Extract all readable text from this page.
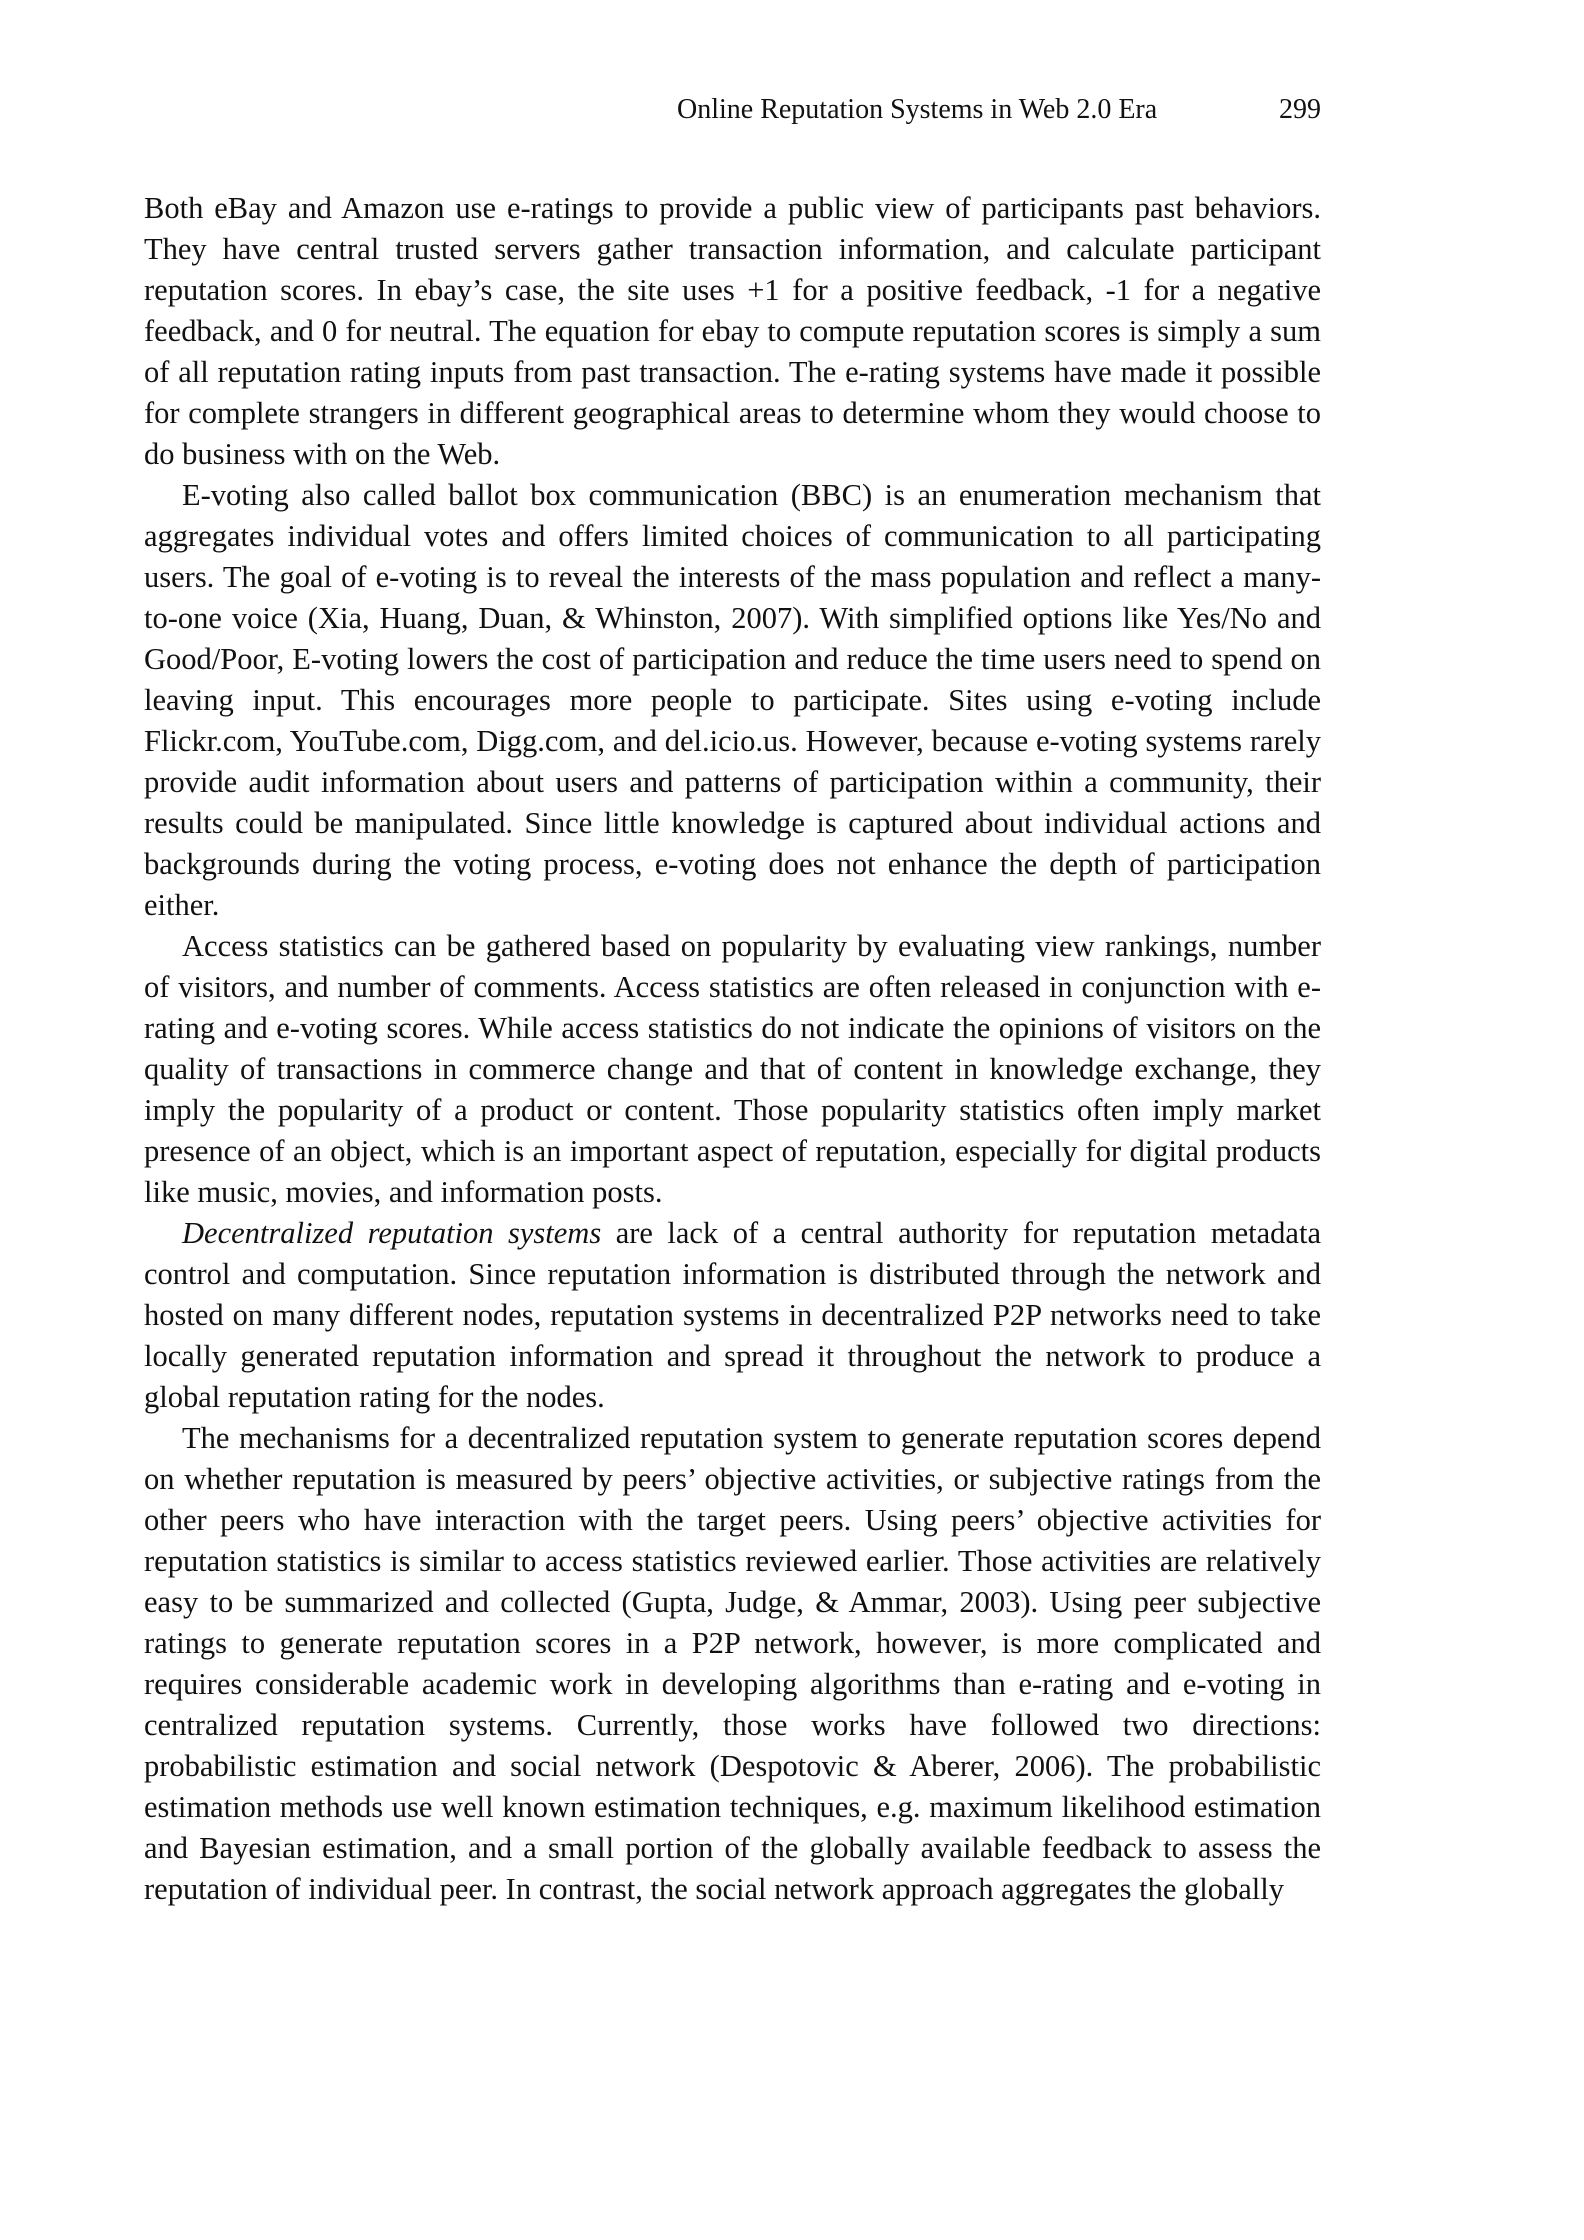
Online Reputation Systems in Web 2.0 Era	299

Both eBay and Amazon use e-ratings to provide a public view of participants past behaviors. They have central trusted servers gather transaction information, and calculate participant reputation scores. In ebay’s case, the site uses +1 for a positive feedback, -1 for a negative feedback, and 0 for neutral. The equation for ebay to compute reputation scores is simply a sum of all reputation rating inputs from past transaction. The e-rating systems have made it possible for complete strangers in different geographical areas to determine whom they would choose to do business with on the Web.

E-voting also called ballot box communication (BBC) is an enumeration mechanism that aggregates individual votes and offers limited choices of communication to all participating users. The goal of e-voting is to reveal the interests of the mass population and reflect a many-to-one voice (Xia, Huang, Duan, & Whinston, 2007). With simplified options like Yes/No and Good/Poor, E-voting lowers the cost of participation and reduce the time users need to spend on leaving input. This encourages more people to participate. Sites using e-voting include Flickr.com, YouTube.com, Digg.com, and del.icio.us. However, because e-voting systems rarely provide audit information about users and patterns of participation within a community, their results could be manipulated. Since little knowledge is captured about individual actions and backgrounds during the voting process, e-voting does not enhance the depth of participation either.

Access statistics can be gathered based on popularity by evaluating view rankings, number of visitors, and number of comments. Access statistics are often released in conjunction with e-rating and e-voting scores. While access statistics do not indicate the opinions of visitors on the quality of transactions in commerce change and that of content in knowledge exchange, they imply the popularity of a product or content. Those popularity statistics often imply market presence of an object, which is an important aspect of reputation, especially for digital products like music, movies, and information posts.

Decentralized reputation systems are lack of a central authority for reputation metadata control and computation. Since reputation information is distributed through the network and hosted on many different nodes, reputation systems in decentralized P2P networks need to take locally generated reputation information and spread it throughout the network to produce a global reputation rating for the nodes.

The mechanisms for a decentralized reputation system to generate reputation scores depend on whether reputation is measured by peers’ objective activities, or subjective ratings from the other peers who have interaction with the target peers. Using peers’ objective activities for reputation statistics is similar to access statistics reviewed earlier. Those activities are relatively easy to be summarized and collected (Gupta, Judge, & Ammar, 2003). Using peer subjective ratings to generate reputation scores in a P2P network, however, is more complicated and requires considerable academic work in developing algorithms than e-rating and e-voting in centralized reputation systems. Currently, those works have followed two directions: probabilistic estimation and social network (Despotovic & Aberer, 2006). The probabilistic estimation methods use well known estimation techniques, e.g. maximum likelihood estimation and Bayesian estimation, and a small portion of the globally available feedback to assess the reputation of individual peer. In contrast, the social network approach aggregates the globally
